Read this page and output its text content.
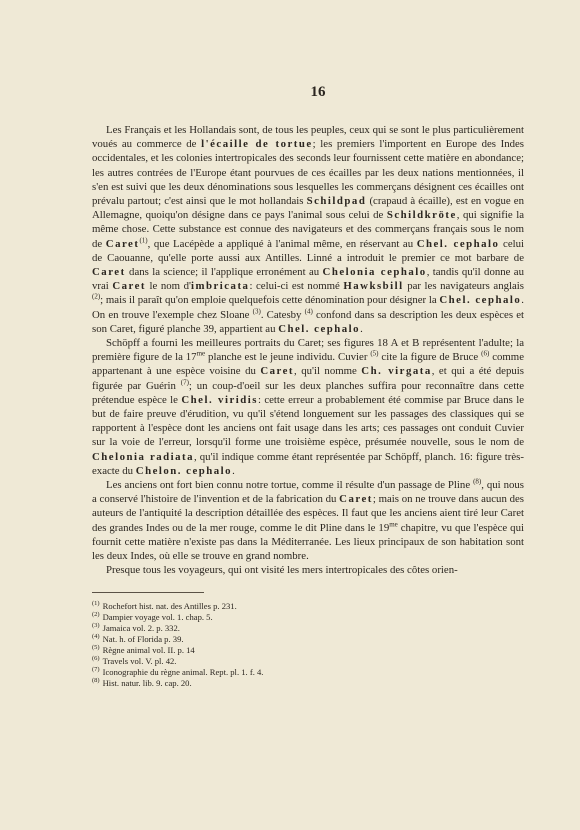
16

Les Français et les Hollandais sont, de tous les peuples, ceux qui se sont le plus particulièrement voués au commerce de l'écaille de tortue; les premiers l'importent en Europe des Indes occidentales, et les colonies intertropicales des seconds leur fournissent cette matière en abondance; les autres contrées de l'Europe étant pourvues de ces écailles par les deux nations mentionnées, il s'en est suivi que les deux dénominations sous lesquelles les commerçans désignent ces écailles ont prévalu partout; c'est ainsi que le mot hollandais Schildpad (crapaud à écaille), est en vogue en Allemagne, quoiqu'on désigne dans ce pays l'animal sous celui de Schildkröte, qui signifie la même chose. Cette substance est connue des navigateurs et des commerçans français sous le nom de Caret$^{(1)}$, que Lacépède a appliqué à l'animal même, en réservant au Chel. cephalo celui de Caouanne, qu'elle porte aussi aux Antilles. Linné a introduit le premier ce mot barbare de Caret dans la science; il l'applique erronément au Chelonia cephalo, tandis qu'il donne au vrai Caret le nom d'imbricata: celui-ci est nommé Hawksbill par les navigateurs anglais $^{(2)}$; mais il paraît qu'on emploie quelquefois cette dénomination pour désigner la Chel. cephalo. On en trouve l'exemple chez Sloane $^{(3)}$. Catesby $^{(4)}$ confond dans sa description les deux espèces et son Caret, figuré planche 39, appartient au Chel. cephalo.

Schöpff a fourni les meilleures portraits du Caret; ses figures 18 A et B représentent l'adulte; la première figure de la $17^{me}$ planche est le jeune individu. Cuvier $^{(5)}$ cite la figure de Bruce $^{(6)}$ comme appartenant à une espèce voisine du Caret, qu'il nomme Ch. virgata, et qui a été depuis figurée par Guérin $^{(7)}$; un coup-d'oeil sur les deux planches suffira pour reconnaître dans cette prétendue espèce le Chel. viridis: cette erreur a probablement été commise par Bruce dans le but de faire preuve d'érudition, vu qu'il s'étend longuement sur les passages des classiques qui se rapportent à l'espèce dont les anciens ont fait usage dans les arts; ces passages ont conduit Cuvier sur la voie de l'erreur, lorsqu'il forme une troisième espèce, présumée nouvelle, sous le nom de Chelonia radiata, qu'il indique comme étant représentée par Schöpff, planch. 16: figure très-exacte du Chelon. cephalo.

Les anciens ont fort bien connu notre tortue, comme il résulte d'un passage de Pline $^{(8)}$, qui nous a conservé l'histoire de l'invention et de la fabrication du Caret; mais on ne trouve dans aucun des auteurs de l'antiquité la description détaillée des espèces. Il faut que les anciens aient tiré leur Caret des grandes Indes ou de la mer rouge, comme le dit Pline dans le $19^{me}$ chapitre, vu que l'espèce qui fournit cette matière n'existe pas dans la Méditerranée. Les lieux principaux de son habitation sont les deux Indes, où elle se trouve en grand nombre.

Presque tous les voyageurs, qui ont visité les mers intertropicales des côtes orien-

$^{(1)}$ Rochefort hist. nat. des Antilles p. 231.
$^{(2)}$ Dampier voyage vol. 1. chap. 5.
$^{(3)}$ Jamaica vol. 2. p. 332.
$^{(4)}$ Nat. h. of Florida p. 39.
$^{(5)}$ Règne animal vol. II. p. 14
$^{(6)}$ Travels vol. V. pl. 42.
$^{(7)}$ Iconographie du règne animal. Rept. pl. 1. f. 4.
$^{(8)}$ Hist. natur. lib. 9. cap. 20.
